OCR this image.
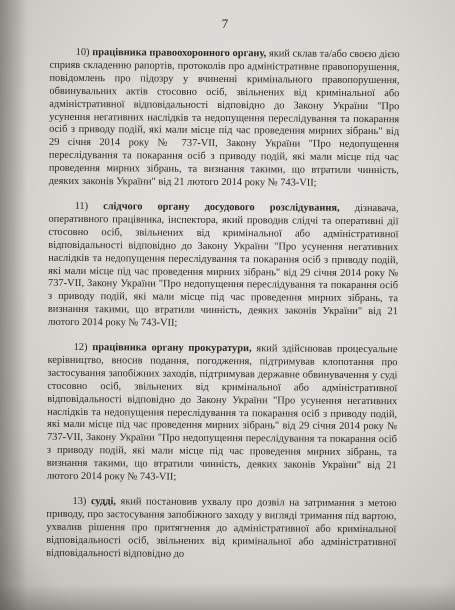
7

10) працівника правоохоронного органу, який склав та/або своєю дією сприяв складенню рапортів, протоколів про адміністративне правопорушення, повідомлень про підозру у вчиненні кримінального правопорушення, обвинувальних актів стосовно осіб, звільнених від кримінальної або адміністративної відповідальності відповідно до Закону України "Про усунення негативних наслідків та недопущення переслідування та покарання осіб з приводу подій, які мали місце під час проведення мирних зібрань" від 29 січня 2014 року № 737-VII, Закону України "Про недопущення переслідування та покарання осіб з приводу подій, які мали місце під час проведення мирних зібрань, та визнання такими, що втратили чинність, деяких законів України" від 21 лютого 2014 року № 743-VII;

11) слідчого органу досудового розслідування, дізнавача, оперативного працівника, інспектора, який проводив слідчі та оперативні дії стосовно осіб, звільнених від кримінальної або адміністративної відповідальності відповідно до Закону України "Про усунення негативних наслідків та недопущення переслідування та покарання осіб з приводу подій, які мали місце під час проведення мирних зібрань" від 29 січня 2014 року № 737-VII, Закону України "Про недопущення переслідування та покарання осіб з приводу подій, які мали місце під час проведення мирних зібрань, та визнання такими, що втратили чинність, деяких законів України" від 21 лютого 2014 року № 743-VII;

12) працівника органу прокуратури, який здійснював процесуальне керівництво, вносив подання, погодження, підтримував клопотання про застосування запобіжних заходів, підтримував державне обвинувачення у суді стосовно осіб, звільнених від кримінальної або адміністративної відповідальності відповідно до Закону України "Про усунення негативних наслідків та недопущення переслідування та покарання осіб з приводу подій, які мали місце під час проведення мирних зібрань" від 29 січня 2014 року № 737-VII, Закону України "Про недопущення переслідування та покарання осіб з приводу подій, які мали місце під час проведення мирних зібрань, та визнання такими, що втратили чинність, деяких законів України" від 21 лютого 2014 року № 743-VII;

13) судді, який постановив ухвалу про дозвіл на затримання з метою приводу, про застосування запобіжного заходу у вигляді тримання під вартою, ухвалив рішення про притягнення до адміністративної або кримінальної відповідальності осіб, звільнених від кримінальної або адміністративної відповідальності відповідно до
